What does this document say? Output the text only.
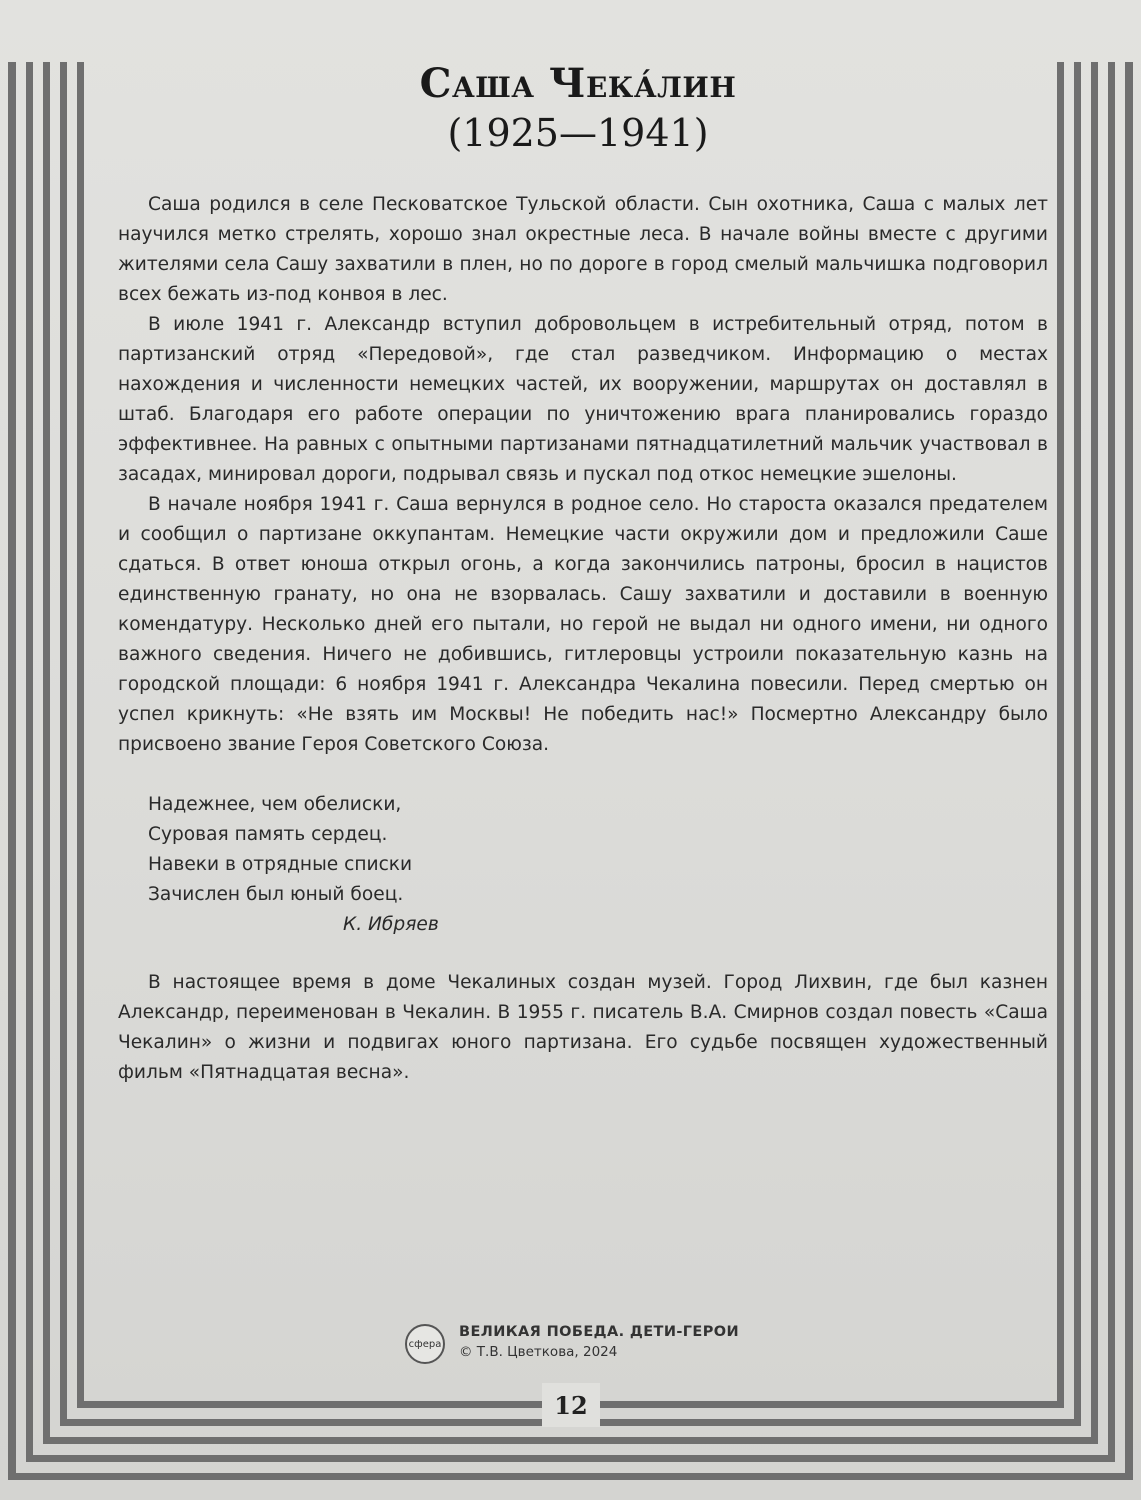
Саша Чека́лин
(1925—1941)

Саша родился в селе Песковатское Тульской области. Сын охотника, Саша с малых лет научился метко стрелять, хорошо знал окрестные леса. В начале войны вместе с другими жителями села Сашу захватили в плен, но по дороге в город смелый мальчишка подговорил всех бежать из-под конвоя в лес.

В июле 1941 г. Александр вступил добровольцем в истребительный отряд, потом в партизанский отряд «Передовой», где стал разведчиком. Информацию о местах нахождения и численности немецких частей, их вооружении, маршрутах он доставлял в штаб. Благодаря его работе операции по уничтожению врага планировались гораздо эффективнее. На равных с опытными партизанами пятнадцатилетний мальчик участвовал в засадах, минировал дороги, подрывал связь и пускал под откос немецкие эшелоны.

В начале ноября 1941 г. Саша вернулся в родное село. Но староста оказался предателем и сообщил о партизане оккупантам. Немецкие части окружили дом и предложили Саше сдаться. В ответ юноша открыл огонь, а когда закончились патроны, бросил в нацистов единственную гранату, но она не взорвалась. Сашу захватили и доставили в военную комендатуру. Несколько дней его пытали, но герой не выдал ни одного имени, ни одного важного сведения. Ничего не добившись, гитлеровцы устроили показательную казнь на городской площади: 6 ноября 1941 г. Александра Чекалина повесили. Перед смертью он успел крикнуть: «Не взять им Москвы! Не победить нас!» Посмертно Александру было присвоено звание Героя Советского Союза.

Надежнее, чем обелиски,
Суровая память сердец.
Навеки в отрядные списки
Зачислен был юный боец.
К. Ибряев

В настоящее время в доме Чекалиных создан музей. Город Лихвин, где был казнен Александр, переименован в Чекалин. В 1955 г. писатель В.А. Смирнов создал повесть «Саша Чекалин» о жизни и подвигах юного партизана. Его судьбе посвящен художественный фильм «Пятнадцатая весна».

сфера
ВЕЛИКАЯ ПОБЕДА. ДЕТИ-ГЕРОИ
© Т.В. Цветкова, 2024
12
